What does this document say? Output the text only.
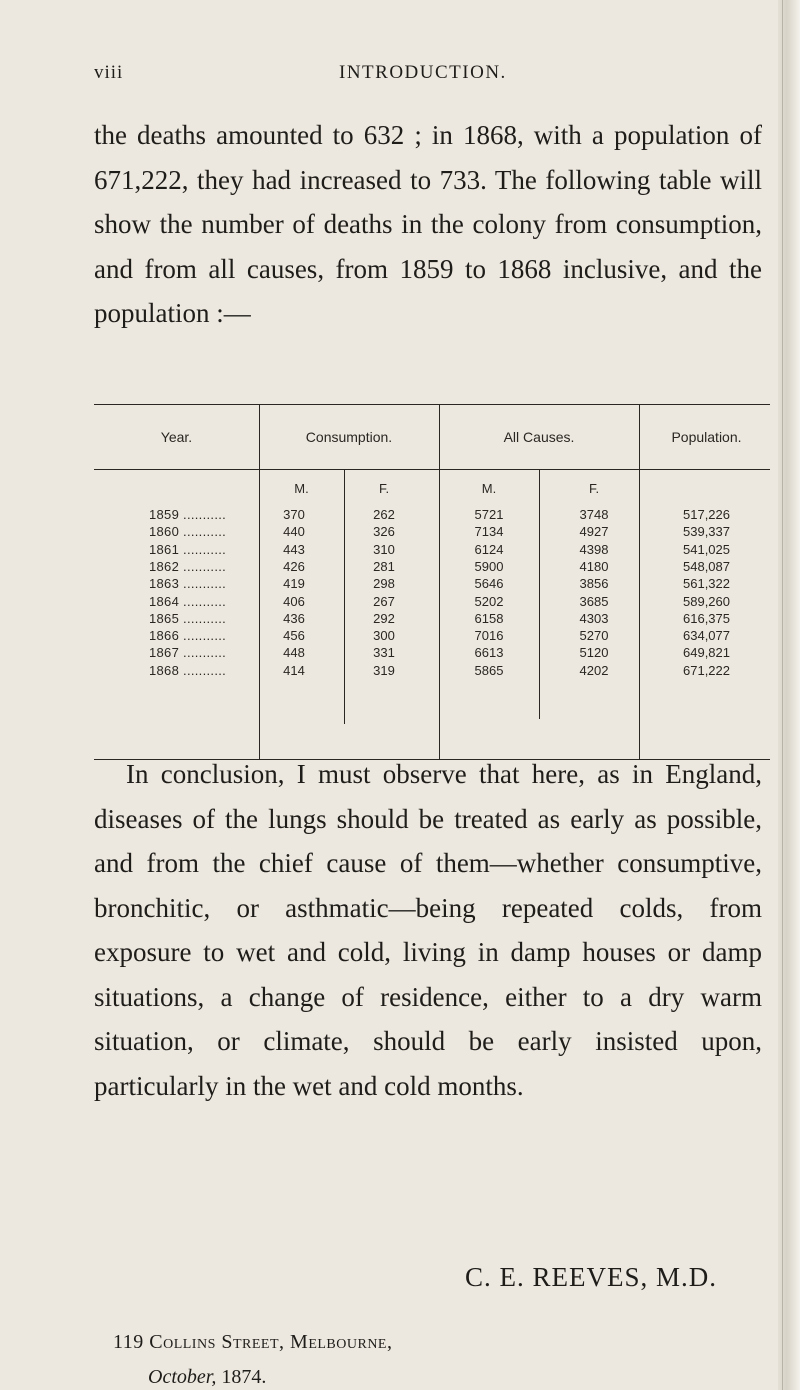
viii	INTRODUCTION.

the deaths amounted to 632 ; in 1868, with a population of 671,222, they had increased to 733. The following table will show the number of deaths in the colony from consumption, and from all causes, from 1859 to 1868 inclusive, and the population :—

Year.	Consumption.	All Causes.	Population.
M.	F.	M.	F.
1859 ...........	370	262	5721	3748	517,226
1860 ...........	440	326	7134	4927	539,337
1861 ...........	443	310	6124	4398	541,025
1862 ...........	426	281	5900	4180	548,087
1863 ...........	419	298	5646	3856	561,322
1864 ...........	406	267	5202	3685	589,260
1865 ...........	436	292	6158	4303	616,375
1866 ...........	456	300	7016	5270	634,077
1867 ...........	448	331	6613	5120	649,821
1868 ...........	414	319	5865	4202	671,222

In conclusion, I must observe that here, as in England, diseases of the lungs should be treated as early as possible, and from the chief cause of them—whether consumptive, bronchitic, or asthmatic—being repeated colds, from exposure to wet and cold, living in damp houses or damp situations, a change of residence, either to a dry warm situation, or climate, should be early insisted upon, particularly in the wet and cold months.

C. E. REEVES, M.D.
119 Collins Street, Melbourne,
October, 1874.
